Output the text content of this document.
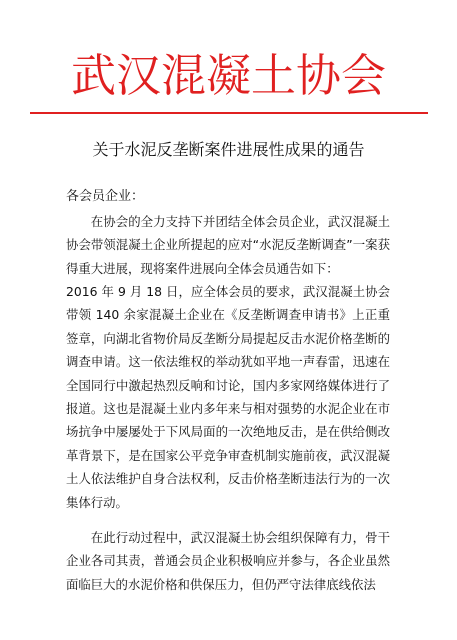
武汉混凝土协会
关于水泥反垄断案件进展性成果的通告
各会员企业：

在协会的全力支持下并团结全体会员企业，武汉混凝土协会带领混凝土企业所提起的应对“水泥反垄断调查”一案获得重大进展，现将案件进展向全体会员通告如下：

2016 年 9 月 18 日，应全体会员的要求，武汉混凝土协会带领 140 余家混凝土企业在《反垄断调查申请书》上正重签章，向湖北省物价局反垄断分局提起反击水泥价格垄断的调查申请。这一依法维权的举动犹如平地一声春雷，迅速在全国同行中激起热烈反响和讨论，国内多家网络媒体进行了报道。这也是混凝土业内多年来与相对强势的水泥企业在市场抗争中屡屡处于下风局面的一次绝地反击，是在供给侧改革背景下，是在国家公平竞争审查机制实施前夜，武汉混凝土人依法维护自身合法权利，反击价格垄断违法行为的一次集体行动。

在此行动过程中，武汉混凝土协会组织保障有力，骨干企业各司其责，普通会员企业积极响应并参与，各企业虽然面临巨大的水泥价格和供保压力，但仍严守法律底线依法
